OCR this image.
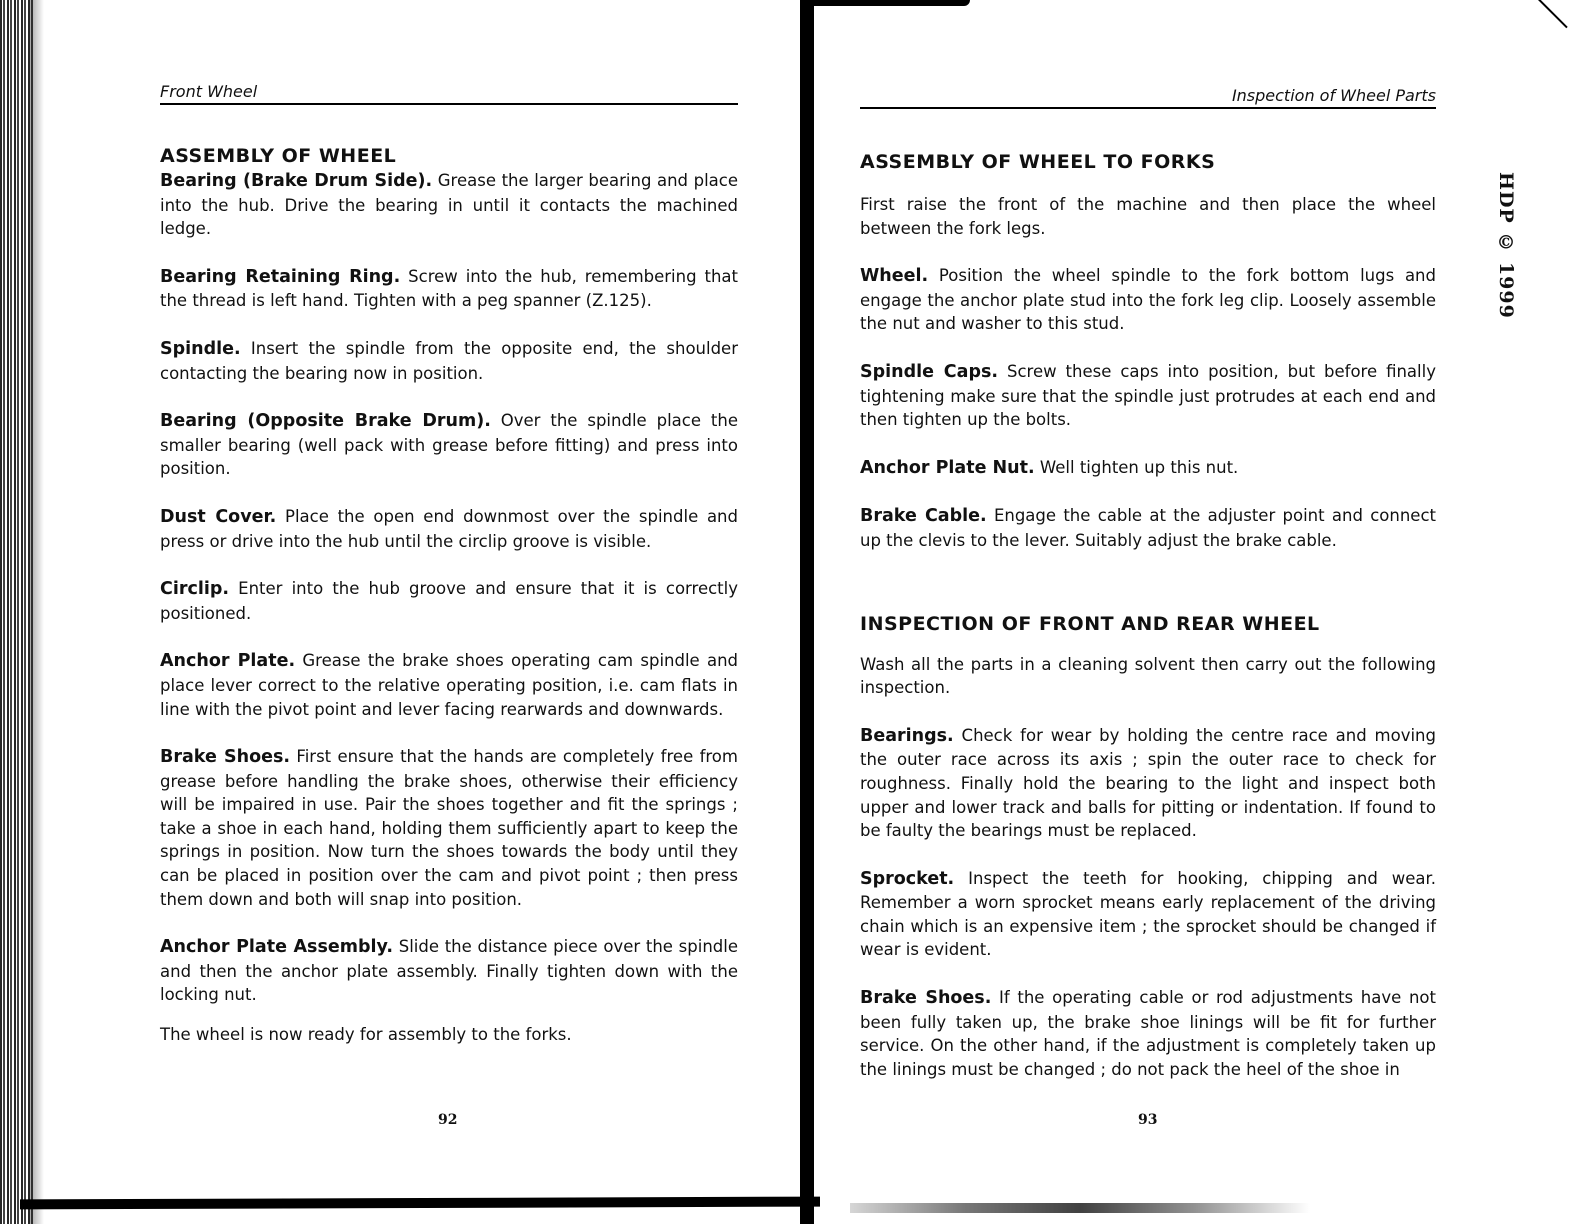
Front Wheel
ASSEMBLY OF WHEEL

Bearing (Brake Drum Side). Grease the larger bearing and place into the hub. Drive the bearing in until it contacts the machined ledge.

Bearing Retaining Ring. Screw into the hub, remembering that the thread is left hand. Tighten with a peg spanner (Z.125).

Spindle. Insert the spindle from the opposite end, the shoulder contacting the bearing now in position.

Bearing (Opposite Brake Drum). Over the spindle place the smaller bearing (well pack with grease before fitting) and press into position.

Dust Cover. Place the open end downmost over the spindle and press or drive into the hub until the circlip groove is visible.

Circlip. Enter into the hub groove and ensure that it is correctly positioned.

Anchor Plate. Grease the brake shoes operating cam spindle and place lever correct to the relative operating position, i.e. cam flats in line with the pivot point and lever facing rearwards and downwards.

Brake Shoes. First ensure that the hands are completely free from grease before handling the brake shoes, otherwise their efficiency will be impaired in use. Pair the shoes together and fit the springs ; take a shoe in each hand, holding them sufficiently apart to keep the springs in position. Now turn the shoes towards the body until they can be placed in position over the cam and pivot point ; then press them down and both will snap into position.

Anchor Plate Assembly. Slide the distance piece over the spindle and then the anchor plate assembly. Finally tighten down with the locking nut.

The wheel is now ready for assembly to the forks.

92
Inspection of Wheel Parts
ASSEMBLY OF WHEEL TO FORKS

First raise the front of the machine and then place the wheel between the fork legs.

Wheel. Position the wheel spindle to the fork bottom lugs and engage the anchor plate stud into the fork leg clip. Loosely assemble the nut and washer to this stud.

Spindle Caps. Screw these caps into position, but before finally tightening make sure that the spindle just protrudes at each end and then tighten up the bolts.

Anchor Plate Nut. Well tighten up this nut.

Brake Cable. Engage the cable at the adjuster point and connect up the clevis to the lever. Suitably adjust the brake cable.

INSPECTION OF FRONT AND REAR WHEEL

Wash all the parts in a cleaning solvent then carry out the following inspection.

Bearings. Check for wear by holding the centre race and moving the outer race across its axis ; spin the outer race to check for roughness. Finally hold the bearing to the light and inspect both upper and lower track and balls for pitting or indentation. If found to be faulty the bearings must be replaced.

Sprocket. Inspect the teeth for hooking, chipping and wear. Remember a worn sprocket means early replacement of the driving chain which is an expensive item ; the sprocket should be changed if wear is evident.

Brake Shoes. If the operating cable or rod adjustments have not been fully taken up, the brake shoe linings will be fit for further service. On the other hand, if the adjustment is completely taken up the linings must be changed ; do not pack the heel of the shoe in

93
HDP © 1999
